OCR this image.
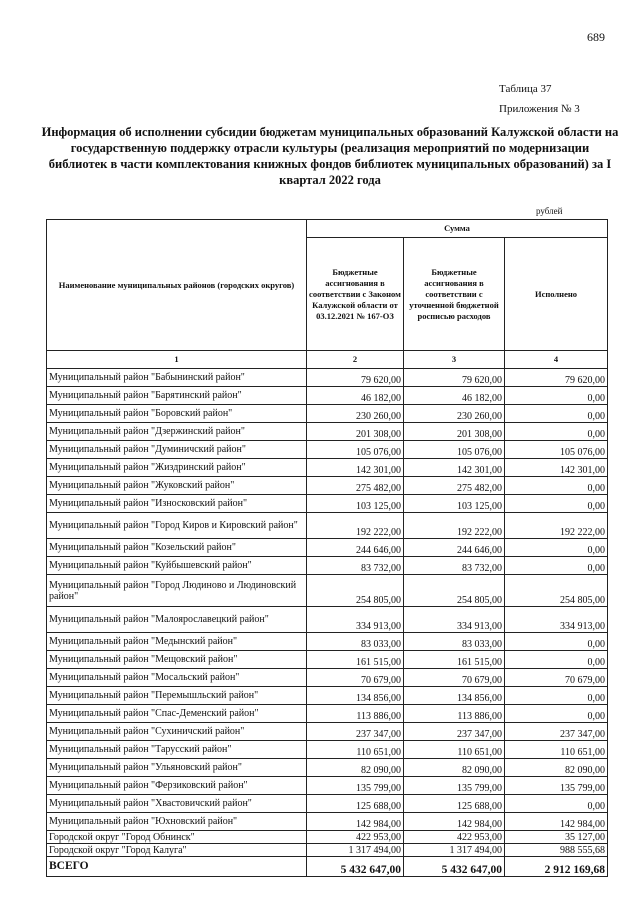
689
Таблица 37
Приложения № 3
Информация об исполнении субсидии бюджетам муниципальных образований Калужской области на государственную поддержку отрасли культуры (реализация мероприятий по модернизации библиотек в части комплектования книжных фондов библиотек муниципальных образований) за I квартал 2022 года
рублей
Наименование муниципальных районов (городских округов)	Сумма		
	Бюджетные ассигнования в соответствии с Законом Калужской области от 03.12.2021 № 167-ОЗ	Бюджетные ассигнования в соответствии с уточненной бюджетной росписью расходов	Исполнено
1	2	3	4
Муниципальный район "Бабынинский район"	79 620,00	79 620,00	79 620,00
Муниципальный район "Барятинский район"	46 182,00	46 182,00	0,00
Муниципальный район "Боровский район"	230 260,00	230 260,00	0,00
Муниципальный район "Дзержинский район"	201 308,00	201 308,00	0,00
Муниципальный район "Думиничский район"	105 076,00	105 076,00	105 076,00
Муниципальный район "Жиздринский район"	142 301,00	142 301,00	142 301,00
Муниципальный район "Жуковский район"	275 482,00	275 482,00	0,00
Муниципальный район "Износковский район"	103 125,00	103 125,00	0,00
Муниципальный район "Город Киров и Кировский район"	192 222,00	192 222,00	192 222,00
Муниципальный район "Козельский район"	244 646,00	244 646,00	0,00
Муниципальный район "Куйбышевский район"	83 732,00	83 732,00	0,00
Муниципальный район "Город Людиново и Людиновский район"	254 805,00	254 805,00	254 805,00
Муниципальный район "Малоярославецкий район"	334 913,00	334 913,00	334 913,00
Муниципальный район "Медынский район"	83 033,00	83 033,00	0,00
Муниципальный район "Мещовский район"	161 515,00	161 515,00	0,00
Муниципальный район "Мосальский район"	70 679,00	70 679,00	70 679,00
Муниципальный район "Перемышльский район"	134 856,00	134 856,00	0,00
Муниципальный район "Спас-Деменский район"	113 886,00	113 886,00	0,00
Муниципальный район "Сухиничский район"	237 347,00	237 347,00	237 347,00
Муниципальный район "Тарусский район"	110 651,00	110 651,00	110 651,00
Муниципальный район "Ульяновский район"	82 090,00	82 090,00	82 090,00
Муниципальный район "Ферзиковский район"	135 799,00	135 799,00	135 799,00
Муниципальный район "Хвастовичский район"	125 688,00	125 688,00	0,00
Муниципальный район "Юхновский район"	142 984,00	142 984,00	142 984,00
Городской округ "Город Обнинск"	422 953,00	422 953,00	35 127,00
Городской округ "Город Калуга"	1 317 494,00	1 317 494,00	988 555,68
ВСЕГО	5 432 647,00	5 432 647,00	2 912 169,68
